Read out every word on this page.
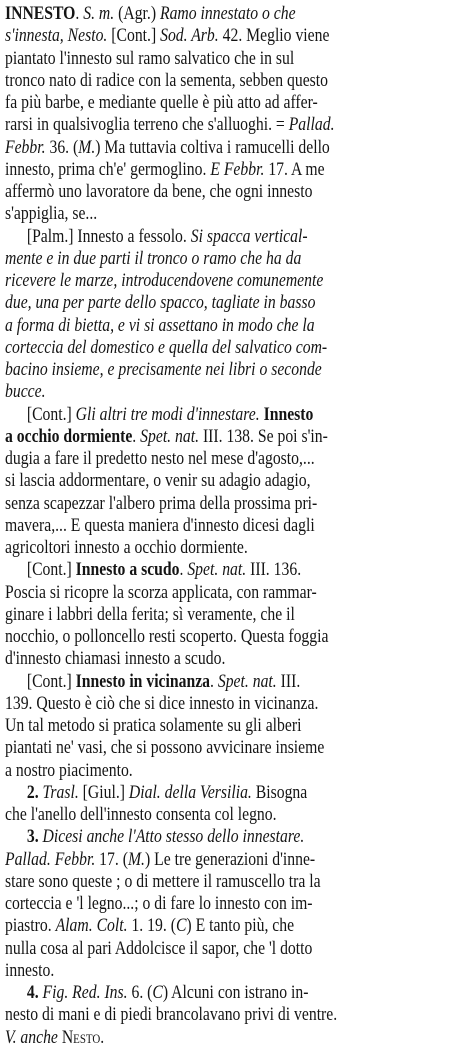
INNESTO. S. m. (Agr.) Ramo innestato o che
s'innesta, Nesto. [Cont.] Sod. Arb. 42. Meglio viene
piantato l'innesto sul ramo salvatico che in sul
tronco nato di radice con la sementa, sebben questo
fa più barbe, e mediante quelle è più atto ad affer-
rarsi in qualsivoglia terreno che s'alluoghi. = Pallad.
Febbr. 36. (M.) Ma tuttavia coltiva i ramucelli dello
innesto, prima ch'e' germoglino. E Febbr. 17. A me
affermò uno lavoratore da bene, che ogni innesto
s'appiglia, se...
[Palm.] Innesto a fessolo. Si spacca vertical-
mente e in due parti il tronco o ramo che ha da
ricevere le marze, introducendovene comunemente
due, una per parte dello spacco, tagliate in basso
a forma di bietta, e vi si assettano in modo che la
corteccia del domestico e quella del salvatico com-
bacino insieme, e precisamente nei libri o seconde
bucce.
[Cont.] Gli altri tre modi d'innestare. Innesto
a occhio dormiente. Spet. nat. III. 138. Se poi s'in-
dugia a fare il predetto nesto nel mese d'agosto,...
si lascia addormentare, o venir su adagio adagio,
senza scapezzar l'albero prima della prossima pri-
mavera,... E questa maniera d'innesto dicesi dagli
agricoltori innesto a occhio dormiente.
[Cont.] Innesto a scudo. Spet. nat. III. 136.
Poscia si ricopre la scorza applicata, con rammar-
ginare i labbri della ferita; sì veramente, che il
nocchio, o polloncello resti scoperto. Questa foggia
d'innesto chiamasi innesto a scudo.
[Cont.] Innesto in vicinanza. Spet. nat. III.
139. Questo è ciò che si dice innesto in vicinanza.
Un tal metodo si pratica solamente su gli alberi
piantati ne' vasi, che si possono avvicinare insieme
a nostro piacimento.
2. Trasl. [Giul.] Dial. della Versilia. Bisogna
che l'anello dell'innesto consenta col legno.
3. Dicesi anche l'Atto stesso dello innestare.
Pallad. Febbr. 17. (M.) Le tre generazioni d'inne-
stare sono queste ; o di mettere il ramuscello tra la
corteccia e 'l legno...; o di fare lo innesto con im-
piastro. Alam. Colt. 1. 19. (C) E tanto più, che
nulla cosa al pari Addolcisce il sapor, che 'l dotto
innesto.
4. Fig. Red. Ins. 6. (C) Alcuni con istrano in-
nesto di mani e di piedi brancolavano privi di ventre.
V. anche Nesto.
